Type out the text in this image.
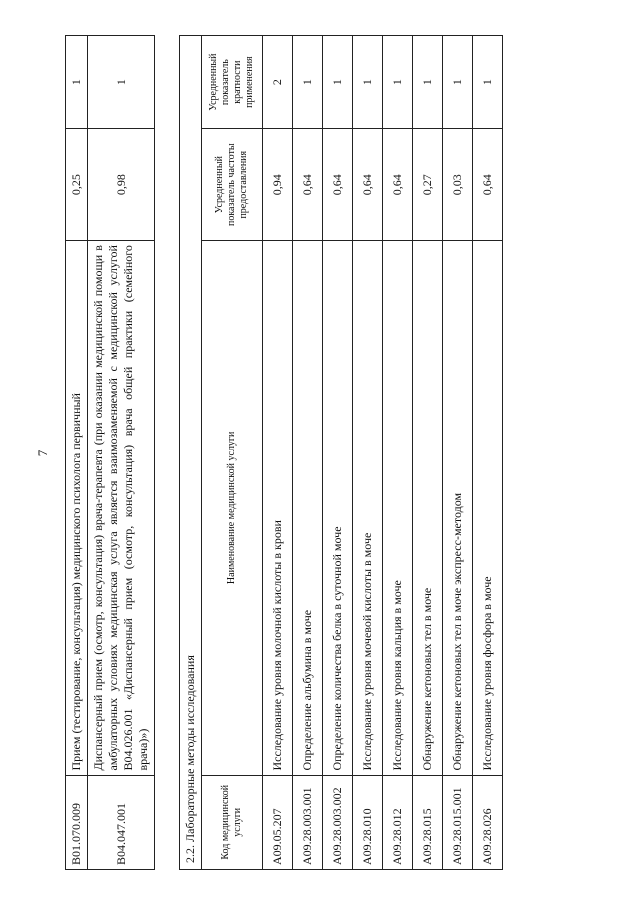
7
B01.070.009	Прием (тестирование, консультация) медицинского психолога первичный	0,25	1
B04.047.001	Диспансерный прием (осмотр, консультация) врача-терапевта (при оказании медицинской помощи в амбулаторных условиях медицинская услуга является взаимозаменяемой с медицинской услугой B04.026.001 «Диспансерный прием (осмотр, консультация) врача общей практики (семейного врача)»)	0,98	1
2.2. Лабораторные методы исследования			
Код медицинской услуги	Наименование медицинской услуги	Усредненный показатель частоты предоставления	Усредненный показатель кратности применения
A09.05.207	Исследование уровня молочной кислоты в крови	0,94	2
A09.28.003.001	Определение альбумина в моче	0,64	1
A09.28.003.002	Определение количества белка в суточной моче	0,64	1
A09.28.010	Исследование уровня мочевой кислоты в моче	0,64	1
A09.28.012	Исследование уровня кальция в моче	0,64	1
A09.28.015	Обнаружение кетоновых тел в моче	0,27	1
A09.28.015.001	Обнаружение кетоновых тел в моче экспресс-методом	0,03	1
A09.28.026	Исследование уровня фосфора в моче	0,64	1
